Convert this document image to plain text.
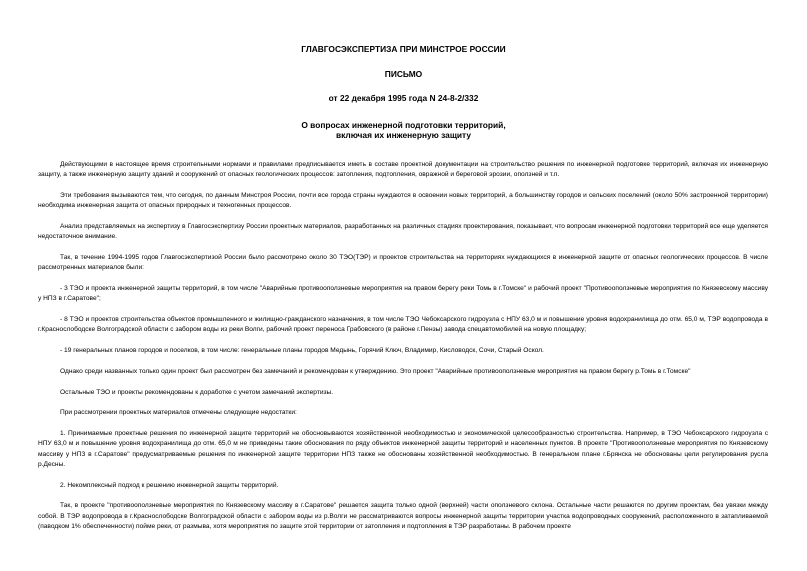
ГЛАВГОСЭКСПЕРТИЗА ПРИ МИНСТРОЕ РОССИИ
ПИСЬМО
от 22 декабря 1995 года N 24-8-2/332
О вопросах инженерной подготовки территорий,
включая их инженерную защиту

Действующими в настоящее время строительными нормами и правилами предписывается иметь в составе проектной документации на строительство решения по инженерной подготовке территорий, включая их инженерную защиту, а также инженерную защиту зданий и сооружений от опасных геологических процессов: затопления, подтопления, овражной и береговой эрозии, оползней и т.п.

Эти требования вызываются тем, что сегодня, по данным Минстроя России, почти все города страны нуждаются в освоении новых территорий, а большинству городов и сельских поселений (около 50% застроенной территории) необходима инженерная защита от опасных природных и техногенных процессов.

Анализ представляемых на экспертизу в Главгосэкспертизу России проектных материалов, разработанных на различных стадиях проектирования, показывает, что вопросам инженерной подготовки территорий все еще уделяется недостаточное внимание.

Так, в течение 1994-1995 годов Главгосэкспертизой России было рассмотрено около 30 ТЭО(ТЭР) и проектов строительства на территориях нуждающихся в инженерной защите от опасных геологических процессов. В числе рассмотренных материалов были:

- 3 ТЭО и проекта инженерной защиты территорий, в том числе "Аварийные противооползневые мероприятия на правом берегу реки Томь в г.Томске" и рабочий проект "Противооползневые мероприятия по Князевскому массиву у НПЗ в г.Саратове";

- 8 ТЭО и проектов строительства объектов промышленного и жилищно-гражданского назначения, в том числе ТЭО Чебоксарского гидроузла с НПУ 63,0 м и повышение уровня водохранилища до отм. 65,0 м, ТЭР водопровода в г.Краснослободске Волгоградской области с забором воды из реки Волги, рабочий проект переноса Грабовского (в районе г.Пензы) завода спецавтомобилей на новую площадку;

- 19 генеральных планов городов и поселков, в том числе: генеральные планы городов Медынь, Горячий Ключ, Владимир, Кисловодск, Сочи, Старый Оскол.

Однако среди названных только один проект был рассмотрен без замечаний и рекомендован к утверждению. Это проект "Аварийные противооползневые мероприятия на правом берегу р.Томь в г.Томске"

Остальные ТЭО и проекты рекомендованы к доработке с учетом замечаний экспертизы.

При рассмотрении проектных материалов отмечены следующие недостатки:

1. Принимаемые проектные решения по инженерной защите территорий не обосновываются хозяйственной необходимостью и экономической целесообразностью строительства. Например, в ТЭО Чебоксарского гидроузла с НПУ 63,0 м и повышение уровня водохранилища до отм. 65,0 м не приведены такие обоснования по ряду объектов инженерной защиты территорий и населенных пунктов. В проекте "Противооползневые мероприятия по Князевскому массиву у НПЗ в г.Саратове" предусматриваемые решения по инженерной защите территории НПЗ также не обоснованы хозяйственной необходимостью. В генеральном плане г.Брянска не обоснованы цели регулирования русла р.Десны.

2. Некомплексный подход к решению инженерной защиты территорий.

Так, в проекте "противооползневые мероприятия по Князевскому массиву в г.Саратове" решается защита только одной (верхней) части оползневого склона. Остальные части решаются по другим проектам, без увязки между собой. В ТЭР водопровода в г.Краснослободске Волгоградской области с забором воды из р.Волги не рассматриваются вопросы инженерной защиты территории участка водопроводных сооружений, расположенного в затапливаемой (паводком 1% обеспеченности) пойме реки, от размыва, хотя мероприятия по защите этой территории от затопления и подтопления в ТЭР разработаны. В рабочем проекте
